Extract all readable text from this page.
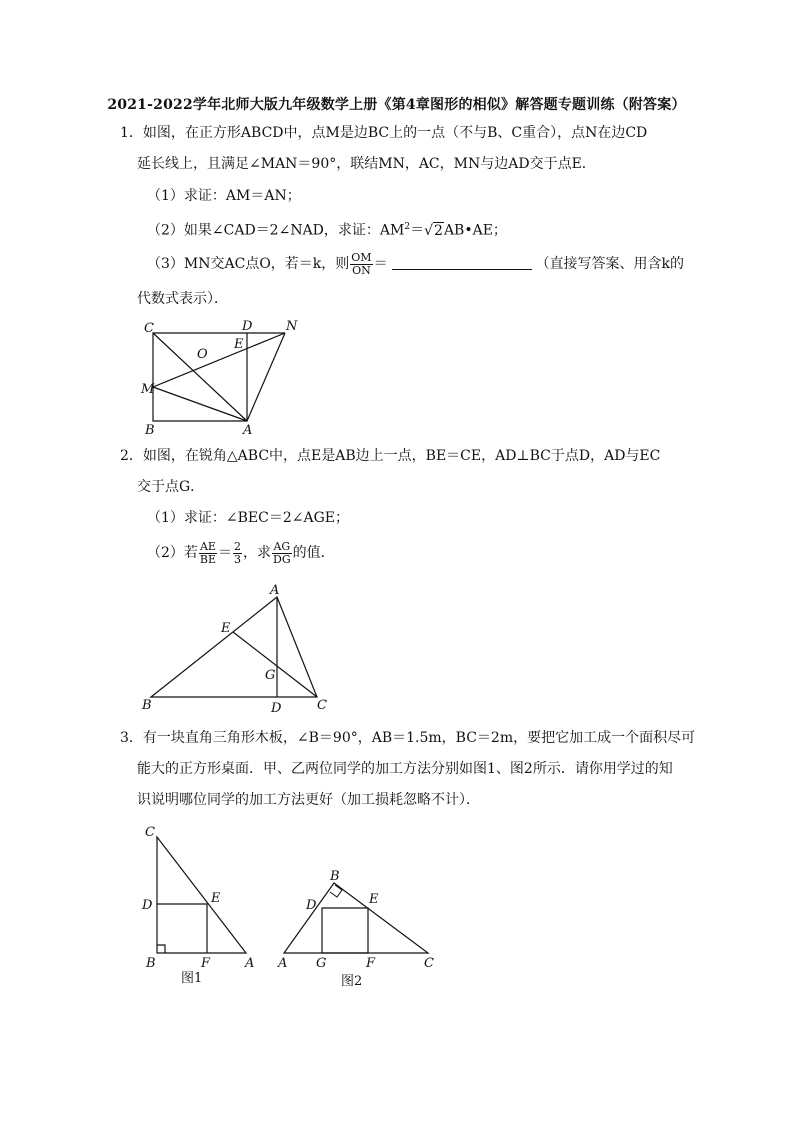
2021-2022学年北师大版九年级数学上册《第4章图形的相似》解答题专题训练（附答案）
1．如图，在正方形ABCD中，点M是边BC上的一点（不与B、C重合），点N在边CD
延长线上，且满足∠MAN＝90°，联结MN，AC，MN与边AD交于点E．
（1）求证：AM＝AN；
（2）如果∠CAD＝2∠NAD，求证：$AM^2=√2AB•AE$；
（3）MN交AC点O，若＝k，则 $\frac{OM}{ON}$ ＝	（直接写答案、用含k的
代数式表示）．
C	D	N
E
O
M
B	A
2．如图，在锐角△ABC中，点E是AB边上一点，BE＝CE，AD⊥BC于点D，AD与EC
交于点G．
（1）求证：∠BEC＝2∠AGE；
（2）若 $\frac{AE}{BE} = \frac{2}{3}$ ，求 $\frac{AG}{DG}$ 的值．
A
E
G
B	D	C
3．有一块直角三角形木板，∠B＝90°，AB＝1.5m，BC＝2m，要把它加工成一个面积尽可
能大的正方形桌面．甲、乙两位同学的加工方法分别如图1、图2所示．请你用学过的知
识说明哪位同学的加工方法更好（加工损耗忽略不计）．
C
D	E
B	F	A
图1
B
D	E
A G	F	C
图2
